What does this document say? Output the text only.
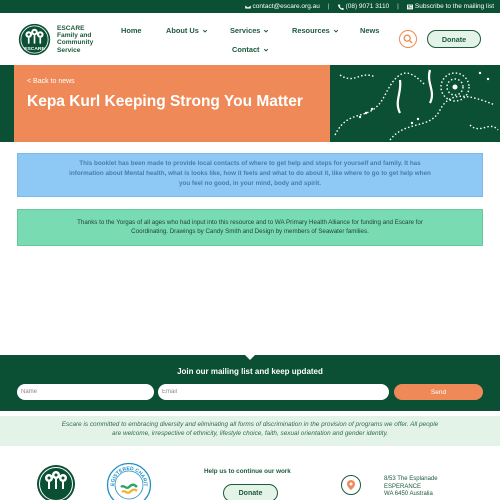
contact@escare.org.au | (08) 9071 3110 | Subscribe to the mailing list
ESCARE
ESCARE
Family and
Community
Service
Home	About Us	Services	Resources	News
Contact
Donate
< Back to news
Kepa Kurl Keeping Strong You Matter
This booklet has been made to provide local contacts of where to get help and steps for yourself and family. It has
information about Mental health, what is looks like, how it feels and what to do about it, like where to go to get help when
you feel no good, in your mind, body and spirit.
Thanks to the Yorgas of all ages who had input into this resource and to WA Primary Health Alliance for funding and Escare for
Coordinating. Drawings by Candy Smith and Design by members of Seawater families.
Join our mailing list and keep updated
Name
Email
Send
Escare is committed to embracing diversity and eliminating all forms of discrimination in the provision of programs we offer. All people
are welcome, irrespective of ethnicity, lifestyle choice, faith, sexual orientation and gender identity.
EGISTERED CHARIT
Help us to continue our work
Donate
8/53 The Esplanade
ESPERANCE
WA 6450 Australia
